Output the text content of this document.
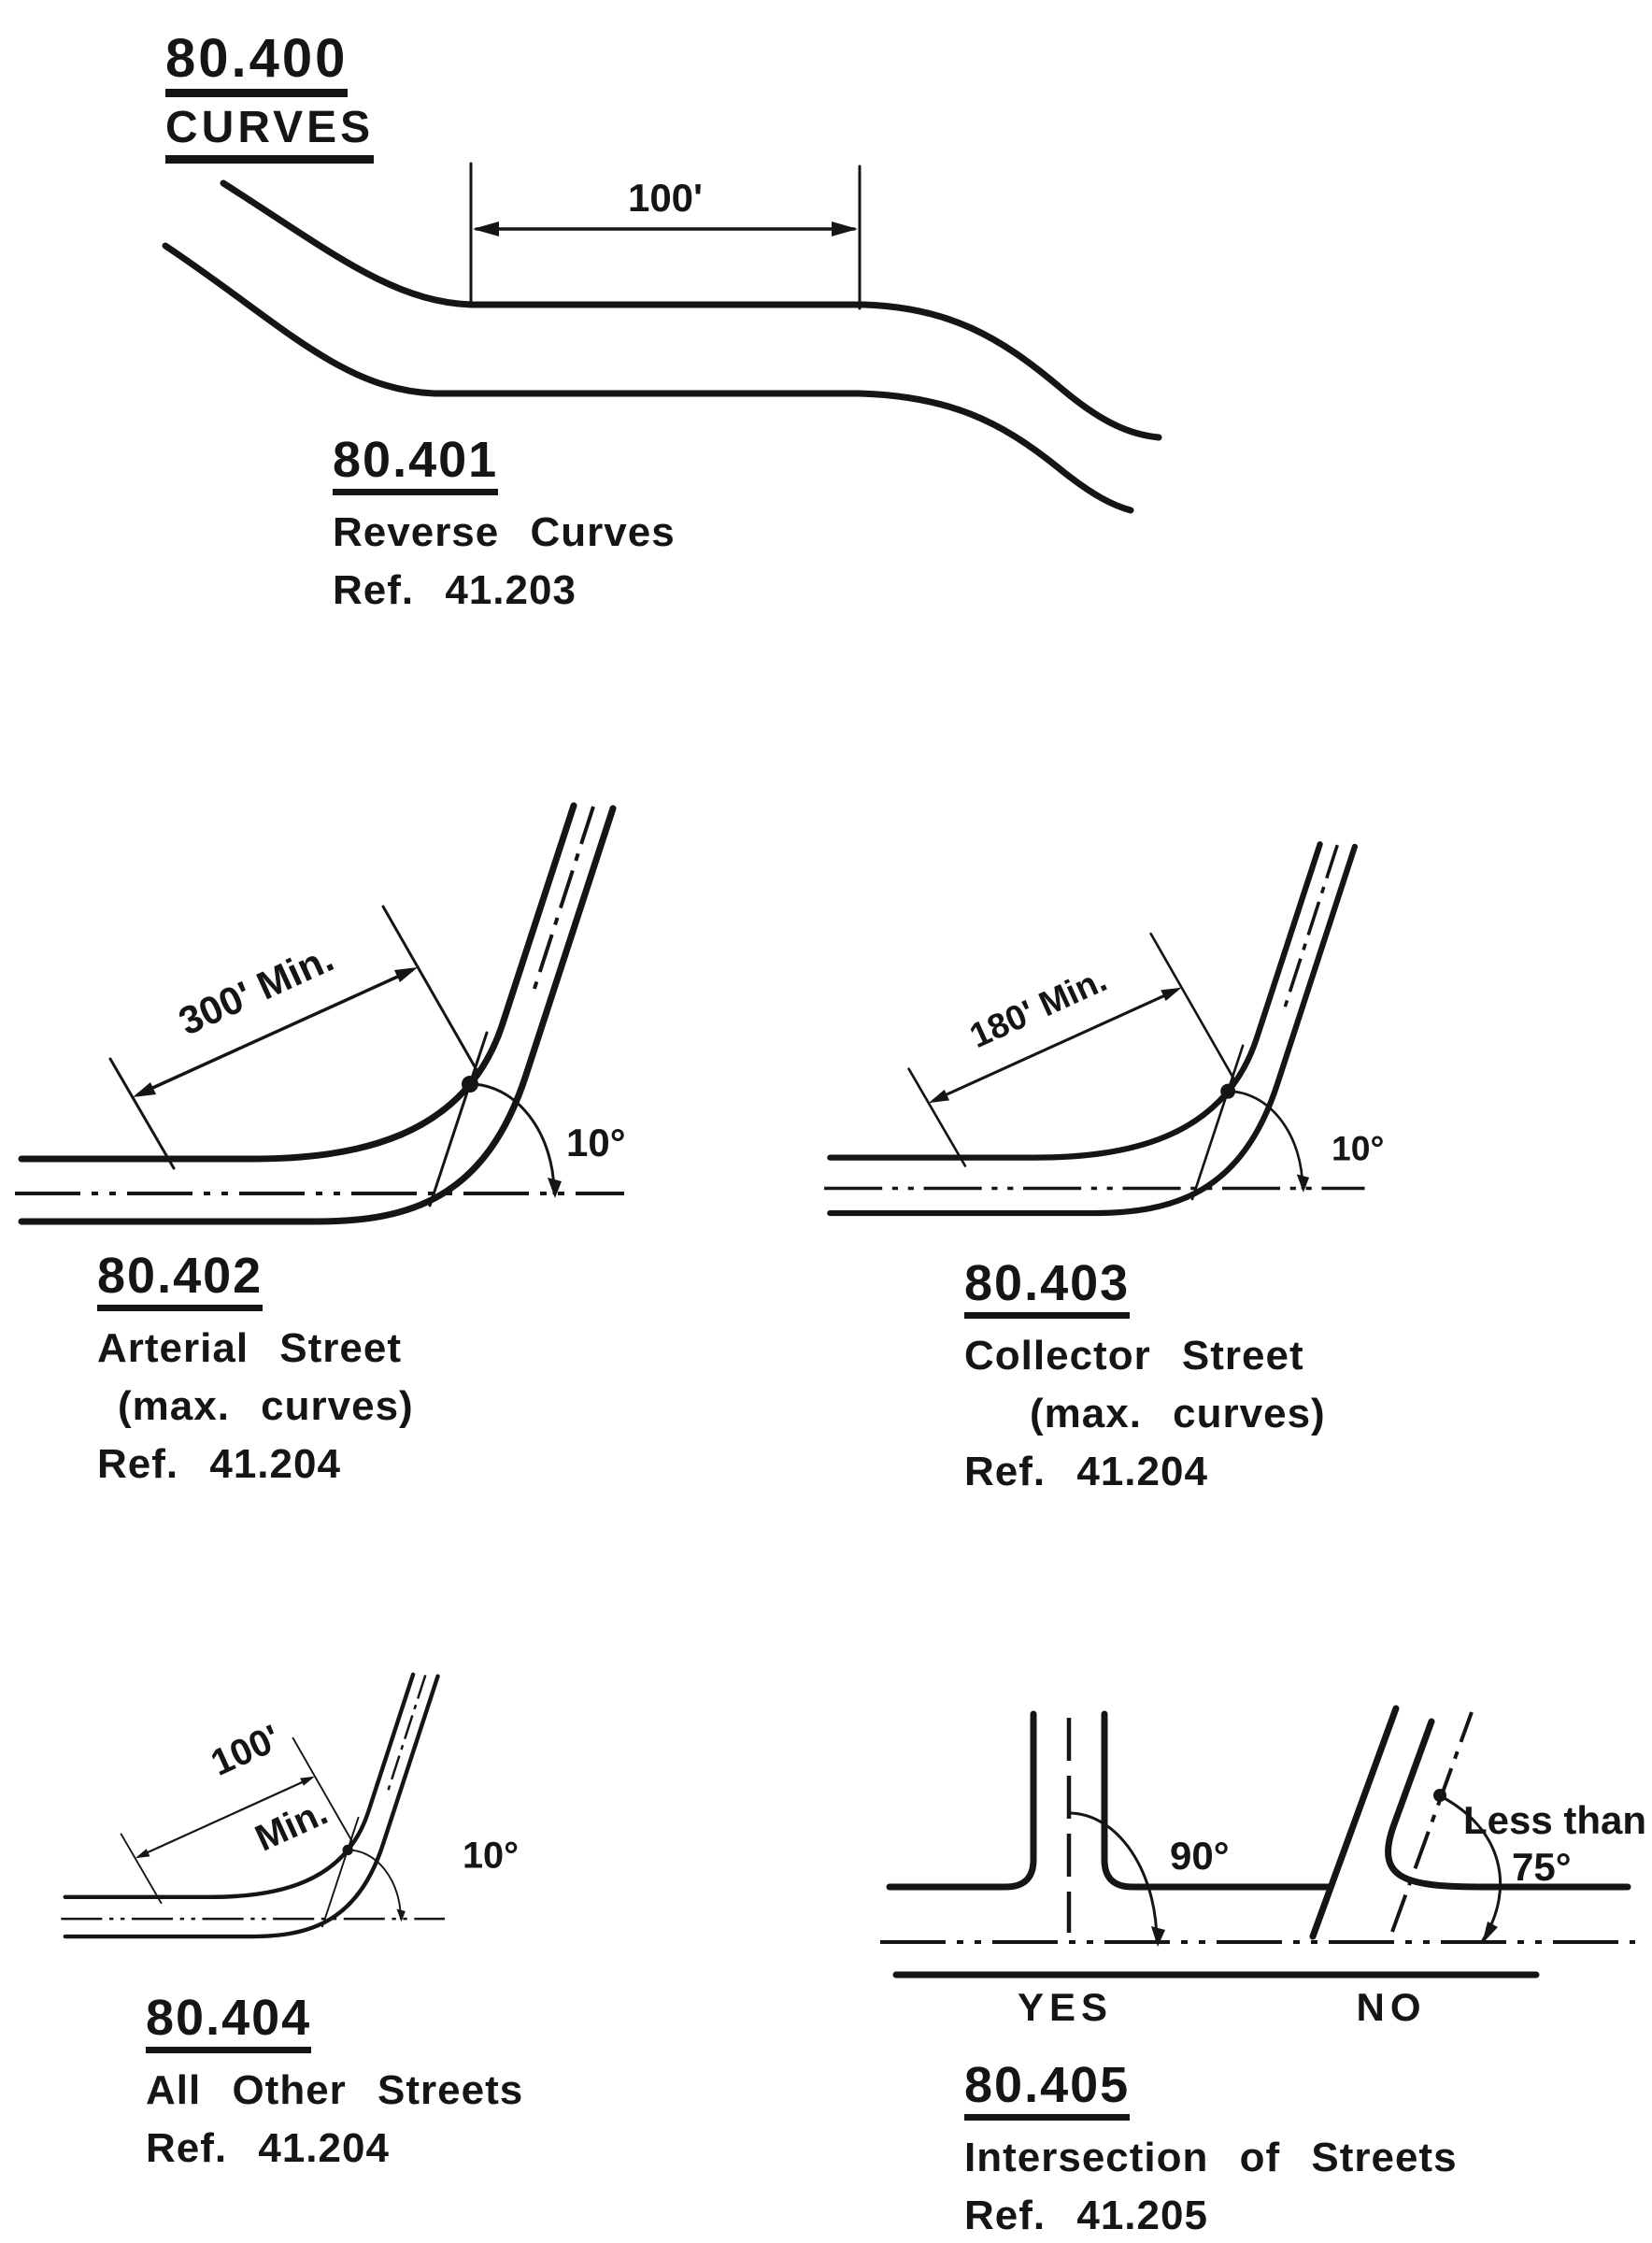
80.400
CURVES
100'
80.401
Reverse Curves
Ref. 41.203
300' Min.
10°
80.402
Arterial Street
(max. curves)
Ref. 41.204
180' Min.
10°
80.403
Collector Street
(max. curves)
Ref. 41.204
100'
Min. 10°
80.404
All Other Streets
Ref. 41.204
90°
Less than
75°
YES	NO
80.405
Intersection of Streets
Ref. 41.205
